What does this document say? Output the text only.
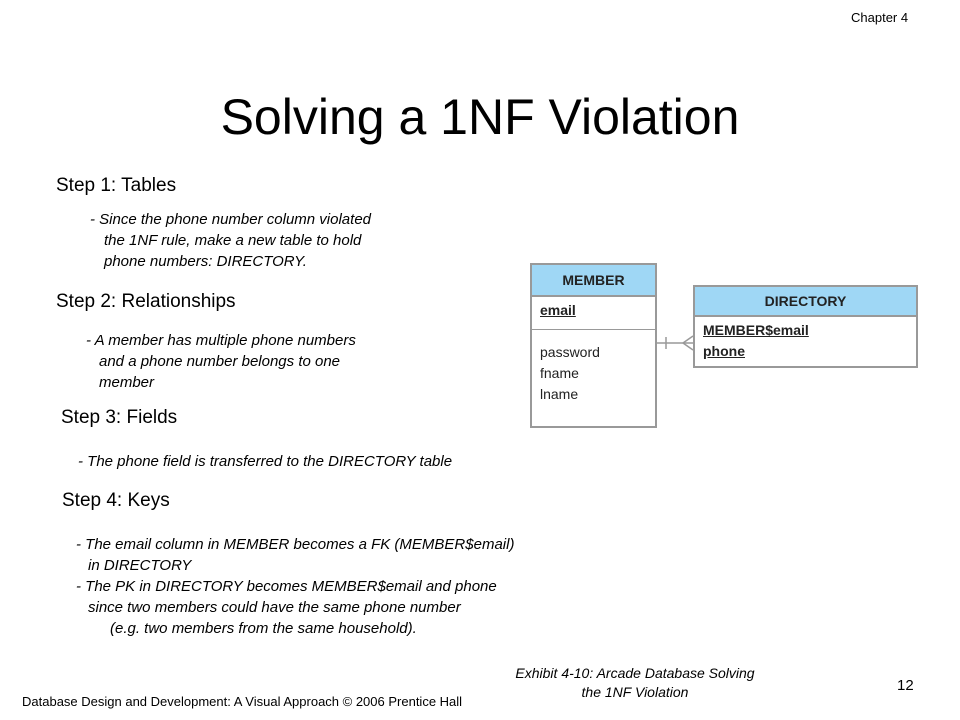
Chapter 4
Solving a 1NF Violation
Step 1: Tables
- Since the phone number column violated
the 1NF rule, make a new table to hold
phone numbers: DIRECTORY.
Step 2: Relationships
- A member has multiple phone numbers
and a phone number belongs to one
member
Step 3: Fields
- The phone field is transferred to the DIRECTORY table
Step 4: Keys
- The email column in MEMBER becomes a FK (MEMBER$email)
in DIRECTORY
- The PK in DIRECTORY becomes MEMBER$email and phone
since two members could have the same phone number
(e.g. two members from the same household).
MEMBER
email
password
fname
lname
DIRECTORY
MEMBER$email
phone
Exhibit 4-10: Arcade Database Solving
the 1NF Violation
Database Design and Development: A Visual Approach © 2006 Prentice Hall
12
